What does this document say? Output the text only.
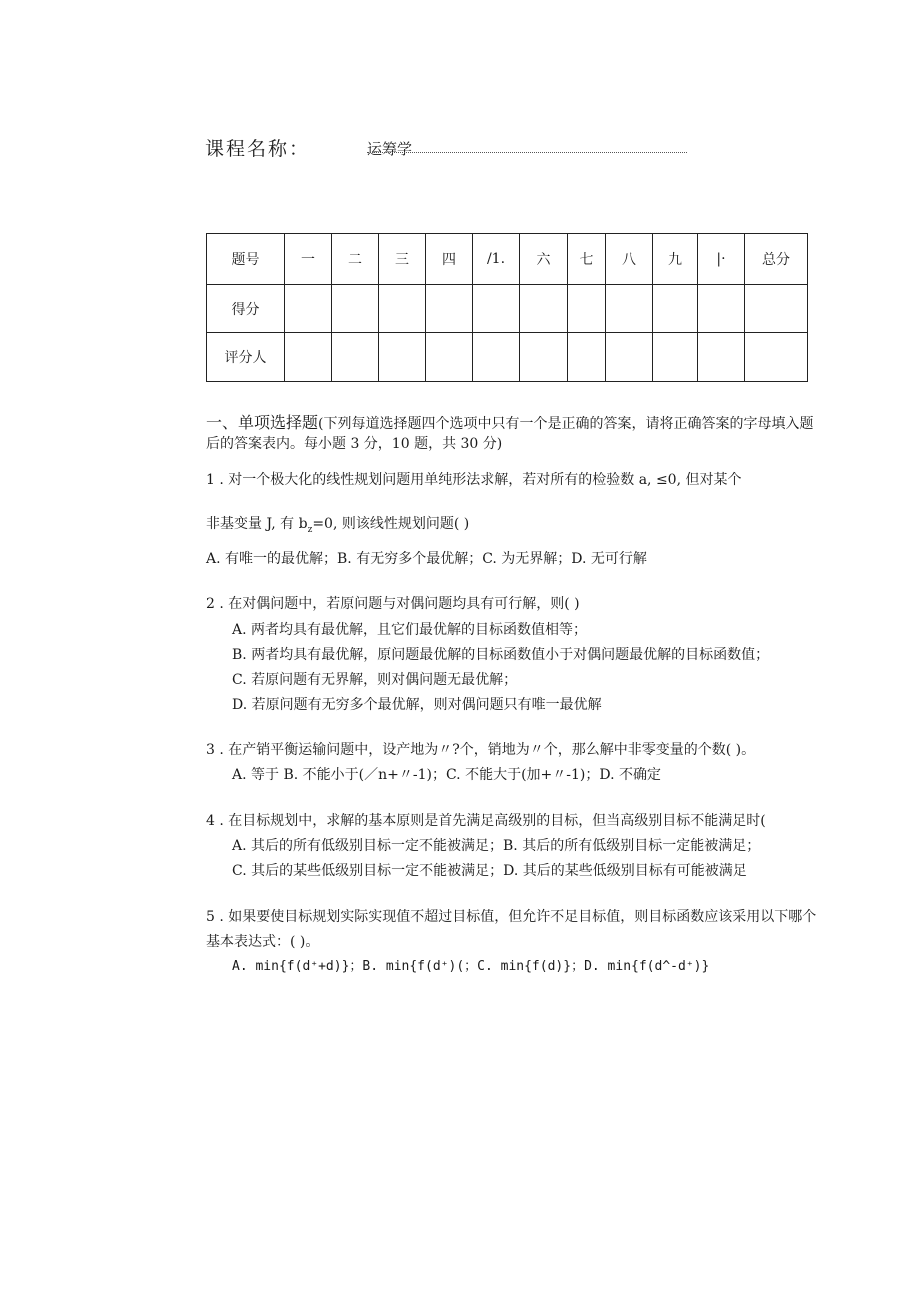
课程名称：	运筹学
题号	一	二	三	四	/1.	六	七	八	九	|·	总分
得分											
评分人											
一、单项选择题(下列每道选择题四个选项中只有一个是正确的答案，请将正确答案的字母填入题
后的答案表内。每小题 3 分，10 题，共 30 分)
1 . 对一个极大化的线性规划问题用单纯形法求解，若对所有的检验数 a, ≤0, 但对某个
非基变量 J, 有 $b_z=0$, 则该线性规划问题( )
A. 有唯一的最优解；B. 有无穷多个最优解；C. 为无界解；D. 无可行解
2 . 在对偶问题中，若原问题与对偶问题均具有可行解，则( )
A. 两者均具有最优解，且它们最优解的目标函数值相等；
B. 两者均具有最优解，原问题最优解的目标函数值小于对偶问题最优解的目标函数值；
C. 若原问题有无界解，则对偶问题无最优解；
D. 若原问题有无穷多个最优解，则对偶问题只有唯一最优解
3 . 在产销平衡运输问题中，设产地为〃?个，销地为〃个，那么解中非零变量的个数( )。
A. 等于 B. 不能小于(／n+〃-1)；C. 不能大于(加+〃-1)；D. 不确定
4 . 在目标规划中，求解的基本原则是首先满足高级别的目标，但当高级别目标不能满足时(
A. 其后的所有低级别目标一定不能被满足；B. 其后的所有低级别目标一定能被满足；
C. 其后的某些低级别目标一定不能被满足；D. 其后的某些低级别目标有可能被满足
5 . 如果要使目标规划实际实现值不超过目标值，但允许不足目标值，则目标函数应该采用以下哪个
基本表达式：( )。
A. min{f(d⁺+d)}；B. min{f(d⁺)(；C. min{f(d)}；D. min{f(d^-d⁺)}
